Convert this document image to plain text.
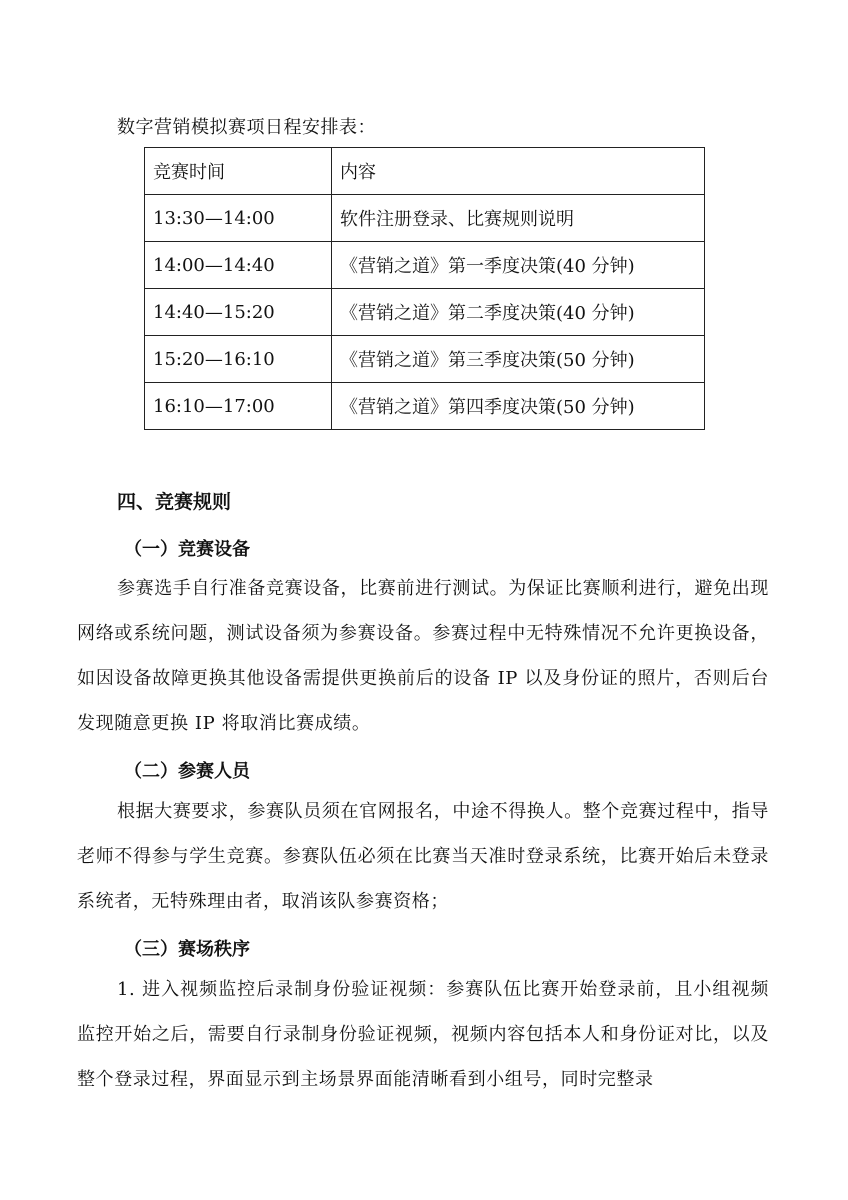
数字营销模拟赛项日程安排表：
竞赛时间	内容
13:30—14:00	软件注册登录、比赛规则说明
14:00—14:40	《营销之道》第一季度决策(40 分钟)
14:40—15:20	《营销之道》第二季度决策(40 分钟)
15:20—16:10	《营销之道》第三季度决策(50 分钟)
16:10—17:00	《营销之道》第四季度决策(50 分钟)
四、竞赛规则
（一）竞赛设备
参赛选手自行准备竞赛设备，比赛前进行测试。为保证比赛顺利进行，避免出现网络或系统问题，测试设备须为参赛设备。参赛过程中无特殊情况不允许更换设备，如因设备故障更换其他设备需提供更换前后的设备 IP 以及身份证的照片，否则后台发现随意更换 IP 将取消比赛成绩。
（二）参赛人员
根据大赛要求，参赛队员须在官网报名，中途不得换人。整个竞赛过程中，指导老师不得参与学生竞赛。参赛队伍必须在比赛当天准时登录系统，比赛开始后未登录系统者，无特殊理由者，取消该队参赛资格；
（三）赛场秩序
1. 进入视频监控后录制身份验证视频：参赛队伍比赛开始登录前，且小组视频监控开始之后，需要自行录制身份验证视频，视频内容包括本人和身份证对比，以及整个登录过程，界面显示到主场景界面能清晰看到小组号，同时完整录
